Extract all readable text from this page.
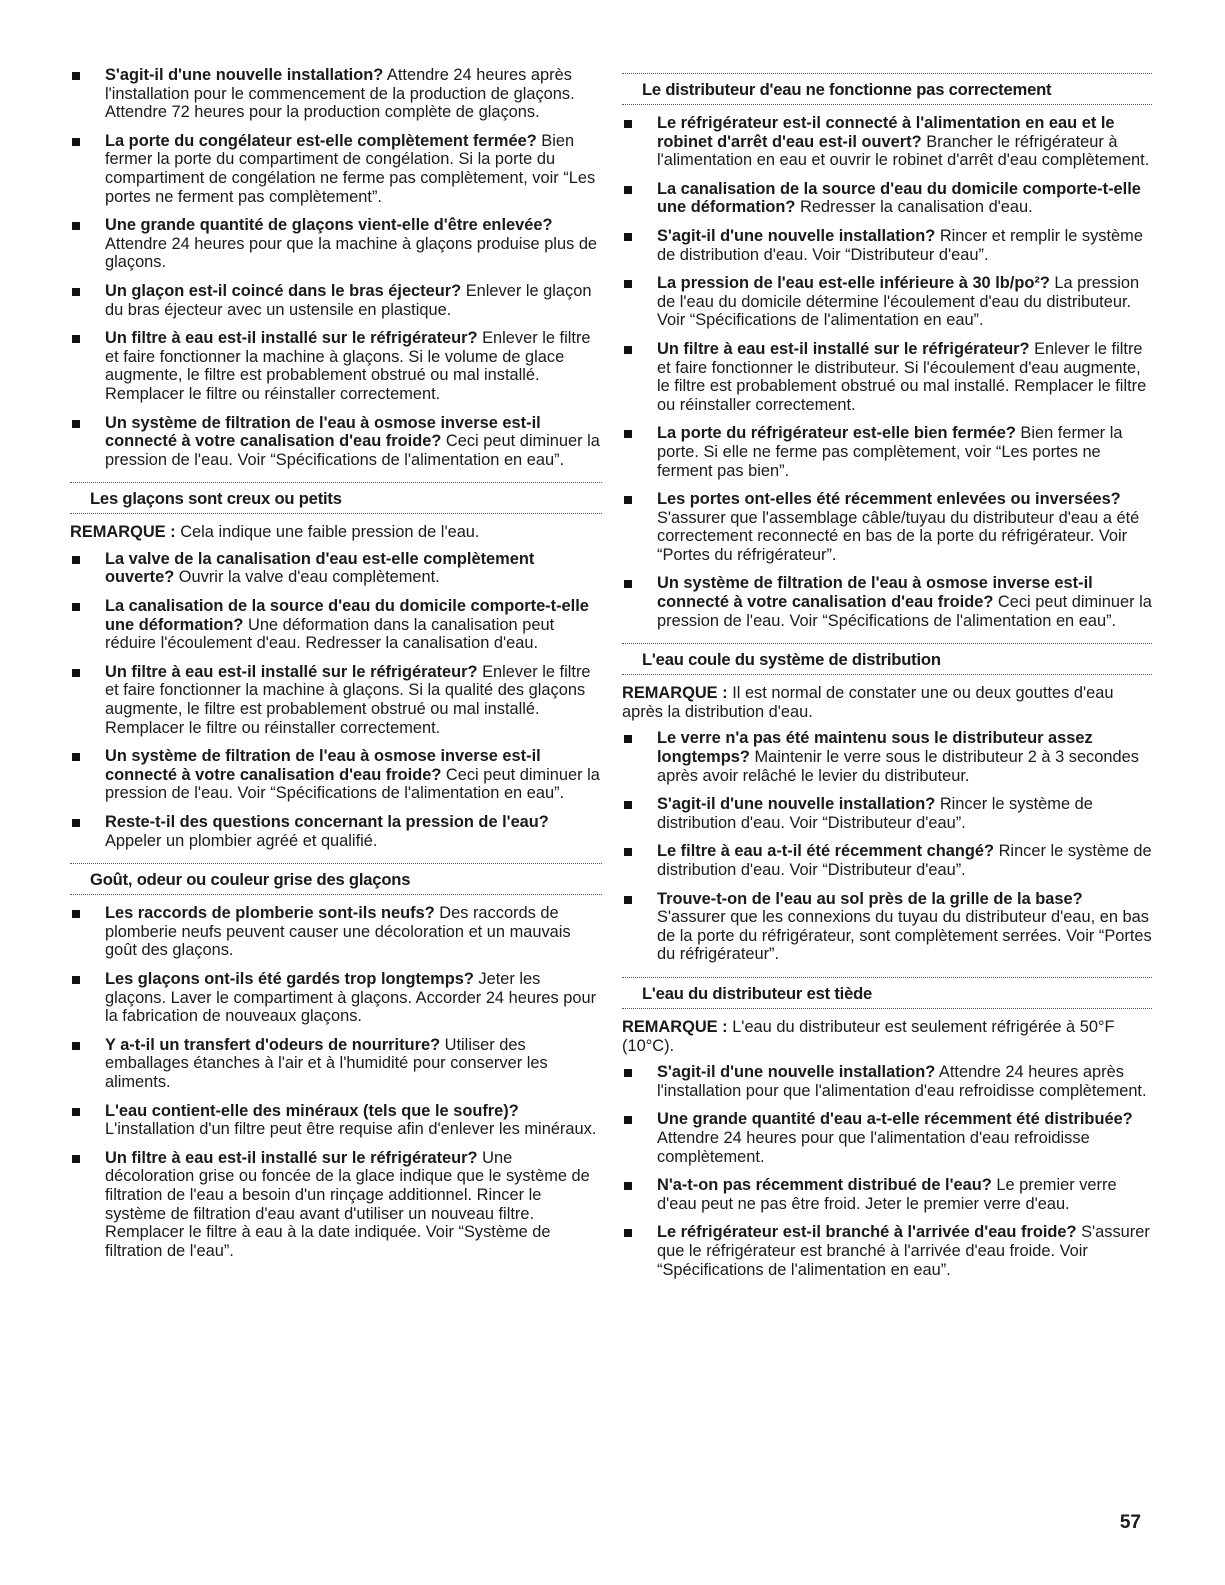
S'agit-il d'une nouvelle installation? Attendre 24 heures après l'installation pour le commencement de la production de glaçons. Attendre 72 heures pour la production complète de glaçons.
La porte du congélateur est-elle complètement fermée? Bien fermer la porte du compartiment de congélation. Si la porte du compartiment de congélation ne ferme pas complètement, voir “Les portes ne ferment pas complètement”.
Une grande quantité de glaçons vient-elle d'être enlevée? Attendre 24 heures pour que la machine à glaçons produise plus de glaçons.
Un glaçon est-il coincé dans le bras éjecteur? Enlever le glaçon du bras éjecteur avec un ustensile en plastique.
Un filtre à eau est-il installé sur le réfrigérateur? Enlever le filtre et faire fonctionner la machine à glaçons. Si le volume de glace augmente, le filtre est probablement obstrué ou mal installé. Remplacer le filtre ou réinstaller correctement.
Un système de filtration de l'eau à osmose inverse est-il connecté à votre canalisation d'eau froide? Ceci peut diminuer la pression de l'eau. Voir “Spécifications de l'alimentation en eau”.
Les glaçons sont creux ou petits
REMARQUE : Cela indique une faible pression de l'eau.
La valve de la canalisation d'eau est-elle complètement ouverte? Ouvrir la valve d'eau complètement.
La canalisation de la source d'eau du domicile comporte-t-elle une déformation? Une déformation dans la canalisation peut réduire l'écoulement d'eau. Redresser la canalisation d'eau.
Un filtre à eau est-il installé sur le réfrigérateur? Enlever le filtre et faire fonctionner la machine à glaçons. Si la qualité des glaçons augmente, le filtre est probablement obstrué ou mal installé. Remplacer le filtre ou réinstaller correctement.
Un système de filtration de l'eau à osmose inverse est-il connecté à votre canalisation d'eau froide? Ceci peut diminuer la pression de l'eau. Voir “Spécifications de l'alimentation en eau”.
Reste-t-il des questions concernant la pression de l'eau? Appeler un plombier agréé et qualifié.
Goût, odeur ou couleur grise des glaçons
Les raccords de plomberie sont-ils neufs? Des raccords de plomberie neufs peuvent causer une décoloration et un mauvais goût des glaçons.
Les glaçons ont-ils été gardés trop longtemps? Jeter les glaçons. Laver le compartiment à glaçons. Accorder 24 heures pour la fabrication de nouveaux glaçons.
Y a-t-il un transfert d'odeurs de nourriture? Utiliser des emballages étanches à l'air et à l'humidité pour conserver les aliments.
L'eau contient-elle des minéraux (tels que le soufre)? L'installation d'un filtre peut être requise afin d'enlever les minéraux.
Un filtre à eau est-il installé sur le réfrigérateur? Une décoloration grise ou foncée de la glace indique que le système de filtration de l'eau a besoin d'un rinçage additionnel. Rincer le système de filtration d'eau avant d'utiliser un nouveau filtre. Remplacer le filtre à eau à la date indiquée. Voir “Système de filtration de l'eau”.
Le distributeur d'eau ne fonctionne pas correctement
Le réfrigérateur est-il connecté à l'alimentation en eau et le robinet d'arrêt d'eau est-il ouvert? Brancher le réfrigérateur à l'alimentation en eau et ouvrir le robinet d'arrêt d'eau complètement.
La canalisation de la source d'eau du domicile comporte-t-elle une déformation? Redresser la canalisation d'eau.
S'agit-il d'une nouvelle installation? Rincer et remplir le système de distribution d'eau. Voir “Distributeur d'eau”.
La pression de l'eau est-elle inférieure à 30 lb/po²? La pression de l'eau du domicile détermine l'écoulement d'eau du distributeur. Voir “Spécifications de l'alimentation en eau”.
Un filtre à eau est-il installé sur le réfrigérateur? Enlever le filtre et faire fonctionner le distributeur. Si l'écoulement d'eau augmente, le filtre est probablement obstrué ou mal installé. Remplacer le filtre ou réinstaller correctement.
La porte du réfrigérateur est-elle bien fermée? Bien fermer la porte. Si elle ne ferme pas complètement, voir “Les portes ne ferment pas bien”.
Les portes ont-elles été récemment enlevées ou inversées? S'assurer que l'assemblage câble/tuyau du distributeur d'eau a été correctement reconnecté en bas de la porte du réfrigérateur. Voir “Portes du réfrigérateur”.
Un système de filtration de l'eau à osmose inverse est-il connecté à votre canalisation d'eau froide? Ceci peut diminuer la pression de l'eau. Voir “Spécifications de l'alimentation en eau”.
L'eau coule du système de distribution
REMARQUE : Il est normal de constater une ou deux gouttes d'eau après la distribution d'eau.
Le verre n'a pas été maintenu sous le distributeur assez longtemps? Maintenir le verre sous le distributeur 2 à 3 secondes après avoir relâché le levier du distributeur.
S'agit-il d'une nouvelle installation? Rincer le système de distribution d'eau. Voir “Distributeur d'eau”.
Le filtre à eau a-t-il été récemment changé? Rincer le système de distribution d'eau. Voir “Distributeur d'eau”.
Trouve-t-on de l'eau au sol près de la grille de la base? S'assurer que les connexions du tuyau du distributeur d'eau, en bas de la porte du réfrigérateur, sont complètement serrées. Voir “Portes du réfrigérateur”.
L'eau du distributeur est tiède
REMARQUE : L'eau du distributeur est seulement réfrigérée à 50°F (10°C).
S'agit-il d'une nouvelle installation? Attendre 24 heures après l'installation pour que l'alimentation d'eau refroidisse complètement.
Une grande quantité d'eau a-t-elle récemment été distribuée? Attendre 24 heures pour que l'alimentation d'eau refroidisse complètement.
N'a-t-on pas récemment distribué de l'eau? Le premier verre d'eau peut ne pas être froid. Jeter le premier verre d'eau.
Le réfrigérateur est-il branché à l'arrivée d'eau froide? S'assurer que le réfrigérateur est branché à l'arrivée d'eau froide. Voir “Spécifications de l'alimentation en eau”.
57
